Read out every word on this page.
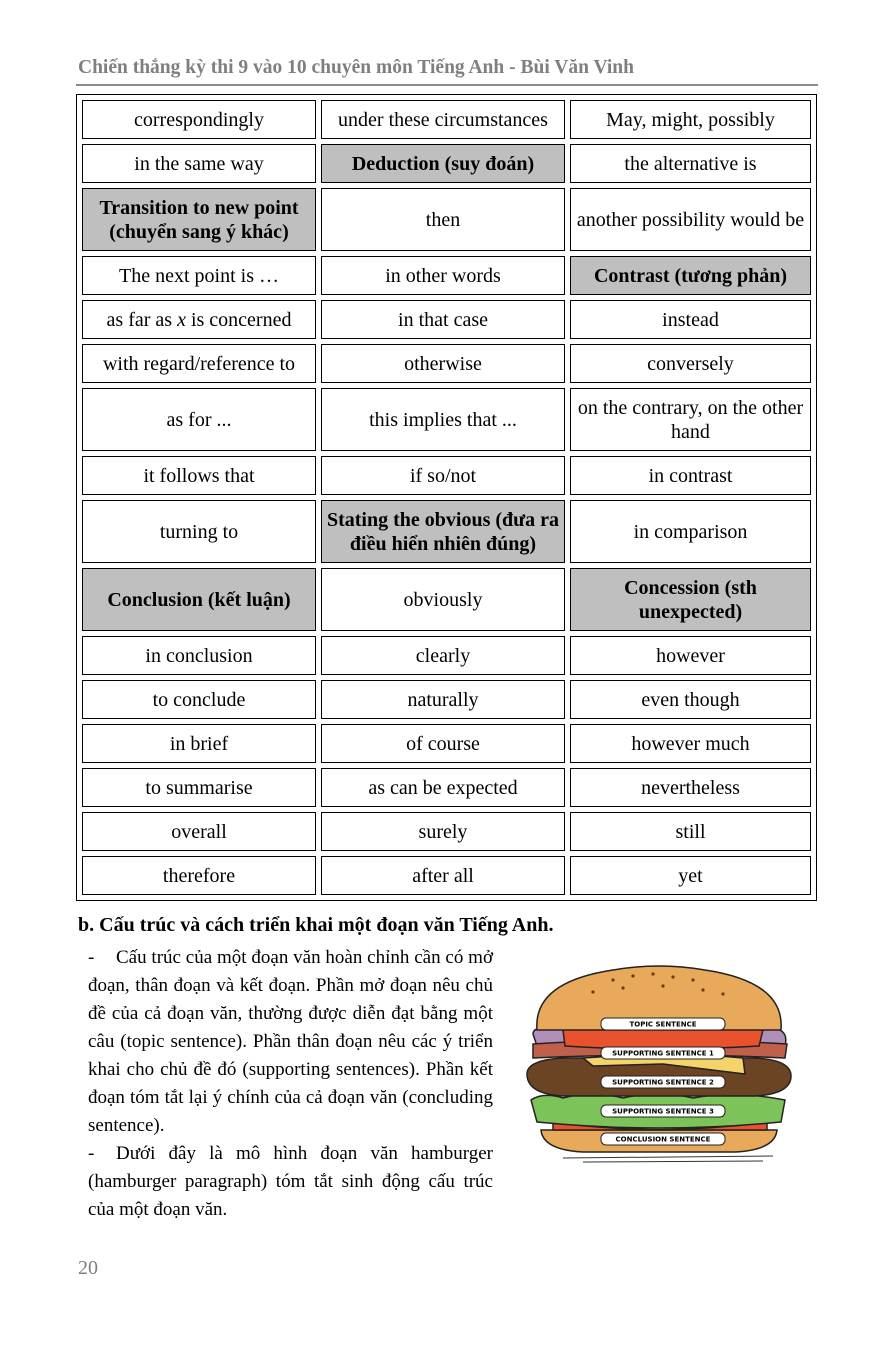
Chiến thắng kỳ thi 9 vào 10 chuyên môn Tiếng Anh - Bùi Văn Vinh
correspondingly	under these circumstances	May, might, possibly
in the same way	Deduction (suy đoán)	the alternative is
Transition to new point (chuyển sang ý khác)	then	another possibility would be
The next point is …	in other words	Contrast (tương phản)
as far as x is concerned	in that case	instead
with regard/reference to	otherwise	conversely
as for ...	this implies that ...	on the contrary, on the other hand
it follows that	if so/not	in contrast
turning to	Stating the obvious (đưa ra điều hiển nhiên đúng)	in comparison
Conclusion (kết luận)	obviously	Concession (sth unexpected)
in conclusion	clearly	however
to conclude	naturally	even though
in brief	of course	however much
to summarise	as can be expected	nevertheless
overall	surely	still
therefore	after all	yet
b. Cấu trúc và cách triển khai một đoạn văn Tiếng Anh.

- Cấu trúc của một đoạn văn hoàn chỉnh cần có mở đoạn, thân đoạn và kết đoạn. Phần mở đoạn nêu chủ đề của cả đoạn văn, thường được diễn đạt bằng một câu (topic sentence). Phần thân đoạn nêu các ý triển khai cho chủ đề đó (supporting sentences). Phần kết đoạn tóm tắt lại ý chính của cả đoạn văn (concluding sentence).

- Dưới đây là mô hình đoạn văn hamburger (hamburger paragraph) tóm tắt sinh động cấu trúc của một đoạn văn.

TOPIC SENTENCE
SUPPORTING SENTENCE 1
SUPPORTING SENTENCE 2
SUPPORTING SENTENCE 3
CONCLUSION SENTENCE
20
